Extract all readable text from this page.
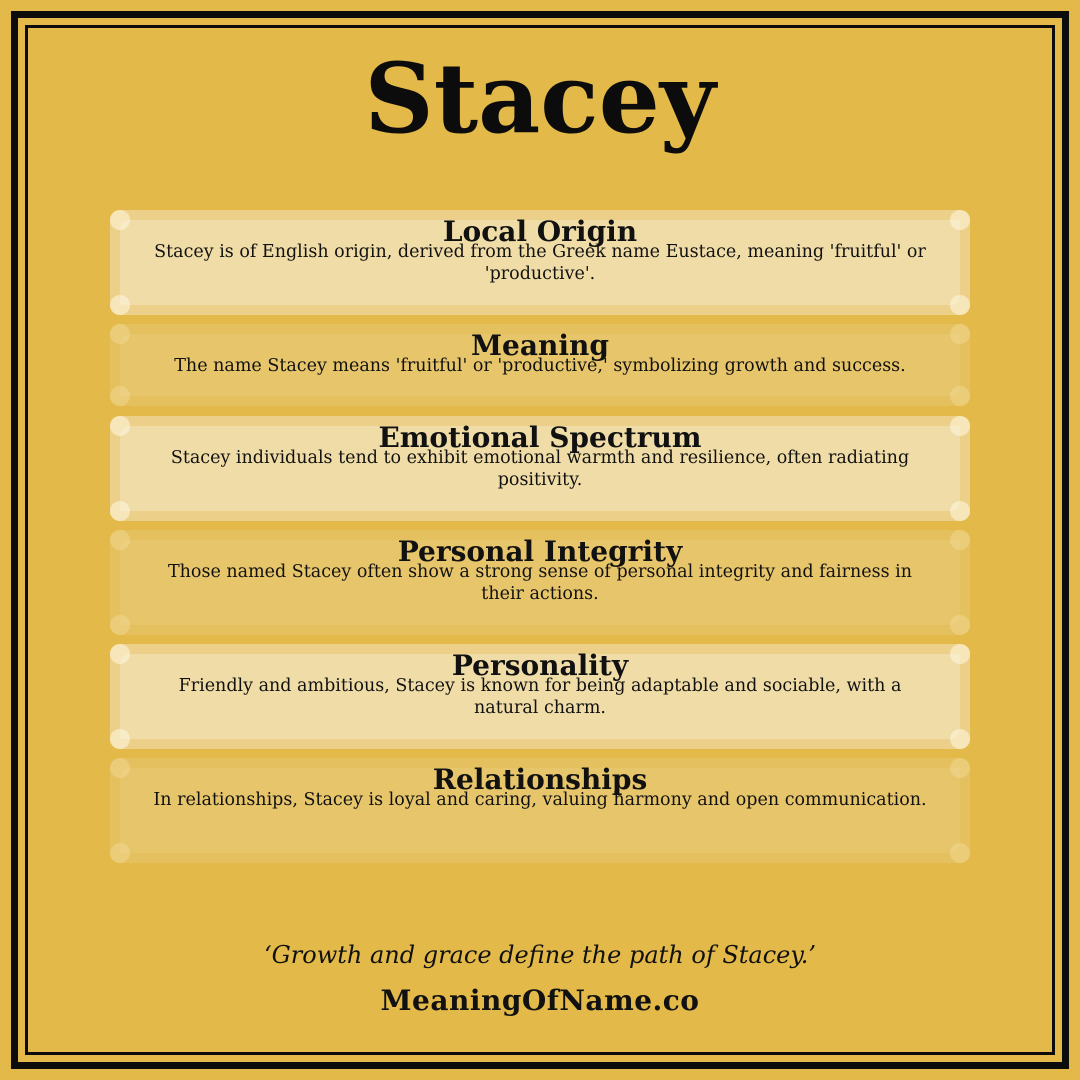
Stacey
Local Origin
Stacey is of English origin, derived from the Greek name Eustace, meaning 'fruitful' or 'productive'.
Meaning
The name Stacey means 'fruitful' or 'productive,' symbolizing growth and success.
Emotional Spectrum
Stacey individuals tend to exhibit emotional warmth and resilience, often radiating positivity.
Personal Integrity
Those named Stacey often show a strong sense of personal integrity and fairness in their actions.
Personality
Friendly and ambitious, Stacey is known for being adaptable and sociable, with a natural charm.
Relationships
In relationships, Stacey is loyal and caring, valuing harmony and open communication.
‘Growth and grace define the path of Stacey.’
MeaningOfName.co
